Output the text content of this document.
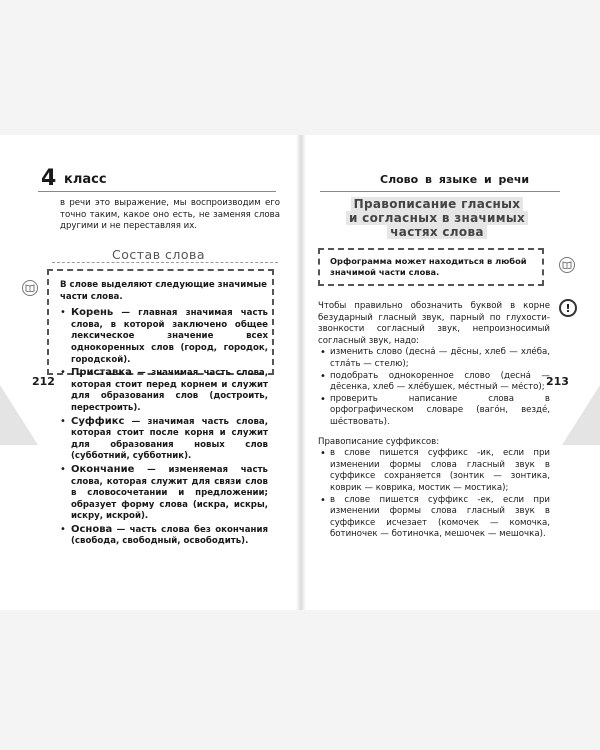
4 класс

в речи это выражение, мы воспроизводим его точно таким, какое оно есть, не заменяя слова другими и не переставляя их.

Состав слова

В слове выделяют следующие значимые части слова.

• Корень — главная значимая часть слова, в которой заключено общее лексическое значение всех однокоренных слов (город, городок, городской).
• Приставка — значимая часть слова, которая стоит перед корнем и служит для образования слов (достроить, перестроить).
• Суффикс — значимая часть слова, которая стоит после корня и служит для образования новых слов (субботний, субботник).
• Окончание — изменяемая часть слова, которая служит для связи слов в словосочетании и предложении; образует форму слова (искра, искры, искру, искрой).
• Основа — часть слова без окончания (свобода, свободный, освободить).
212
Слово в языке и речи
Правописание гласных
и согласных в значимых
частях слова

Орфограмма может находиться в любой значимой части слова.

Чтобы правильно обозначить буквой в корне безударный гласный звук, парный по глухости-звонкости согласный звук, непроизносимый согласный звук, надо:

• изменить слово (деснá — дёсны, хлеб — хлéба, стлáть — стелю);
• подобрать однокоренное слово (деснá — дёсенка, хлеб — хлéбушек, мéстный — мéсто);
• проверить написание слова в орфографическом словаре (вагóн, вездé, шéствовать).

Правописание суффиксов:

• в слове пишется суффикс -ик, если при изменении формы слова гласный звук в суффиксе сохраняется (зонтик — зонтика, коврик — коврика, мостик — мостика);
• в слове пишется суффикс -ек, если при изменении формы слова гласный звук в суффиксе исчезает (комочек — комочка, ботиночек — ботиночка, мешочек — мешочка).
213
!
